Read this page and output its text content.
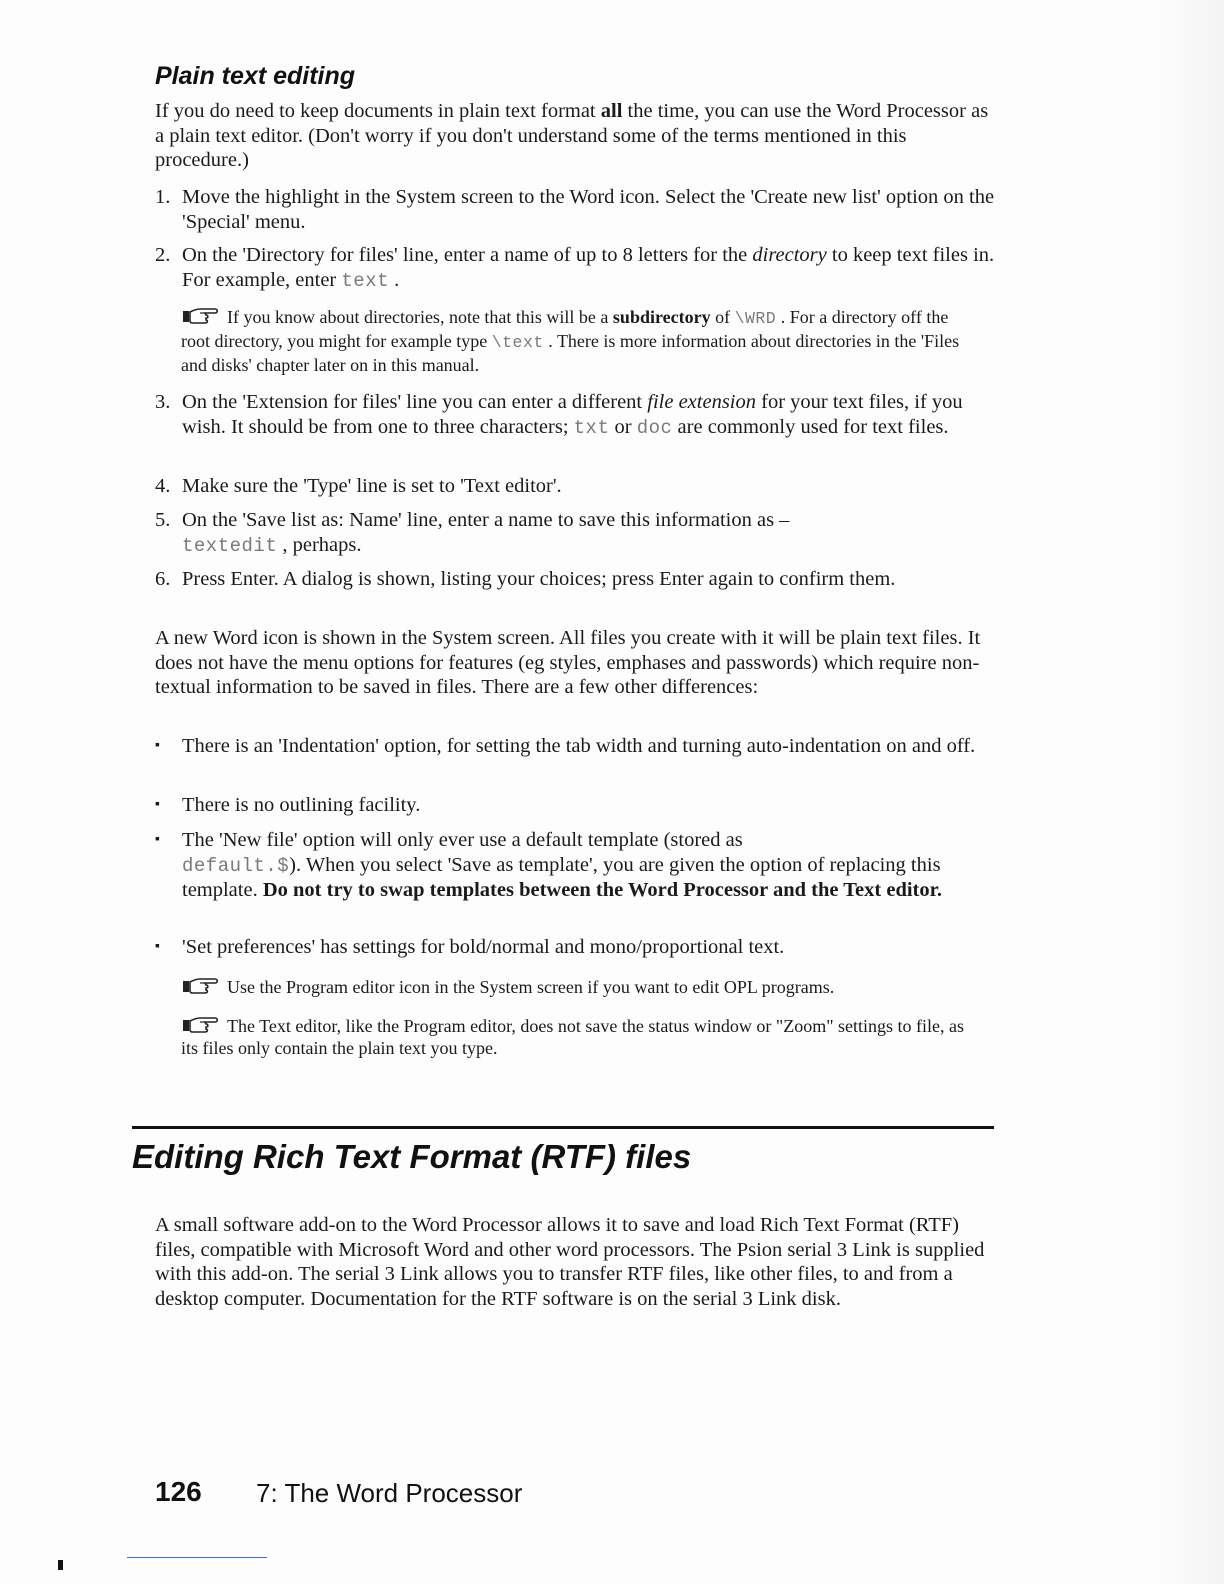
Plain text editing
If you do need to keep documents in plain text format all the time, you can use the Word Processor as a plain text editor. (Don't worry if you don't understand some of the terms mentioned in this procedure.)
1. Move the highlight in the System screen to the Word icon. Select the 'Create new list' option on the 'Special' menu.
2. On the 'Directory for files' line, enter a name of up to 8 letters for the directory to keep text files in. For example, enter text .
If you know about directories, note that this will be a subdirectory of \WRD . For a directory off the root directory, you might for example type \text . There is more information about directories in the 'Files and disks' chapter later on in this manual.
3. On the 'Extension for files' line you can enter a different file extension for your text files, if you wish. It should be from one to three characters; txt or doc are commonly used for text files.
4. Make sure the 'Type' line is set to 'Text editor'.
5. On the 'Save list as: Name' line, enter a name to save this information as –
textedit , perhaps.
6. Press Enter. A dialog is shown, listing your choices; press Enter again to confirm them.
A new Word icon is shown in the System screen. All files you create with it will be plain text files. It does not have the menu options for features (eg styles, emphases and passwords) which require non-textual information to be saved in files. There are a few other differences:
▪ There is an 'Indentation' option, for setting the tab width and turning auto-indentation on and off.
▪ There is no outlining facility.
▪ The 'New file' option will only ever use a default template (stored as
default.$). When you select 'Save as template', you are given the option of replacing this template. Do not try to swap templates between the Word Processor and the Text editor.
▪ 'Set preferences' has settings for bold/normal and mono/proportional text.
Use the Program editor icon in the System screen if you want to edit OPL programs.
The Text editor, like the Program editor, does not save the status window or "Zoom" settings to file, as its files only contain the plain text you type.
Editing Rich Text Format (RTF) files
A small software add-on to the Word Processor allows it to save and load Rich Text Format (RTF) files, compatible with Microsoft Word and other word processors. The Psion serial 3 Link is supplied with this add-on. The serial 3 Link allows you to transfer RTF files, like other files, to and from a desktop computer. Documentation for the RTF software is on the serial 3 Link disk.
126 7: The Word Processor
